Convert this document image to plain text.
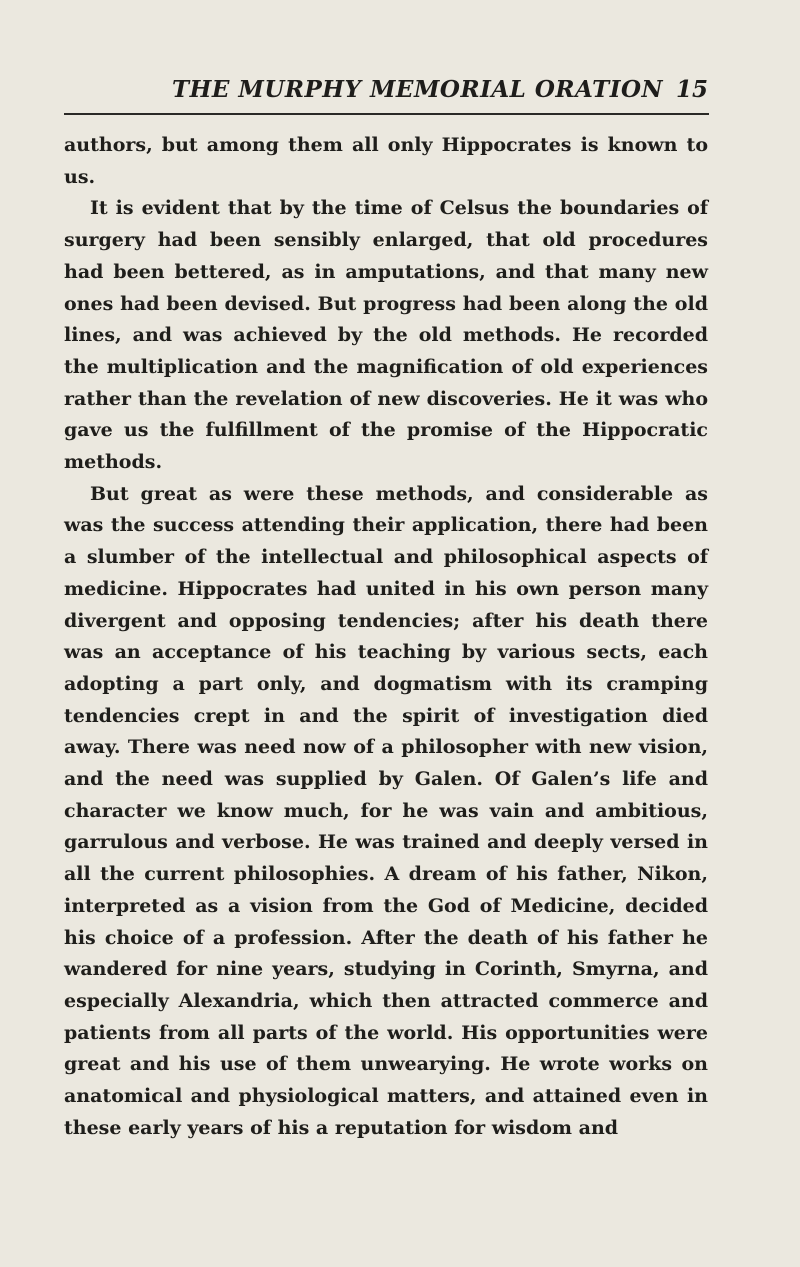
THE MURPHY MEMORIAL ORATION 15

authors, but among them all only Hippocrates is known to us.

It is evident that by the time of Celsus the boundaries of surgery had been sensibly enlarged, that old procedures had been bettered, as in amputations, and that many new ones had been devised. But progress had been along the old lines, and was achieved by the old methods. He recorded the multiplication and the magnification of old experiences rather than the revelation of new discoveries. He it was who gave us the fulfillment of the promise of the Hippocratic methods.

But great as were these methods, and considerable as was the success attending their application, there had been a slumber of the intellectual and philosophical aspects of medicine. Hippocrates had united in his own person many divergent and opposing tendencies; after his death there was an acceptance of his teaching by various sects, each adopting a part only, and dogmatism with its cramping tendencies crept in and the spirit of investigation died away. There was need now of a philosopher with new vision, and the need was supplied by Galen. Of Galen’s life and character we know much, for he was vain and ambitious, garrulous and verbose. He was trained and deeply versed in all the current philosophies. A dream of his father, Nikon, interpreted as a vision from the God of Medicine, decided his choice of a profession. After the death of his father he wandered for nine years, studying in Corinth, Smyrna, and especially Alexandria, which then attracted commerce and patients from all parts of the world. His opportunities were great and his use of them unwearying. He wrote works on anatomical and physiological matters, and attained even in these early years of his a reputation for wisdom and
